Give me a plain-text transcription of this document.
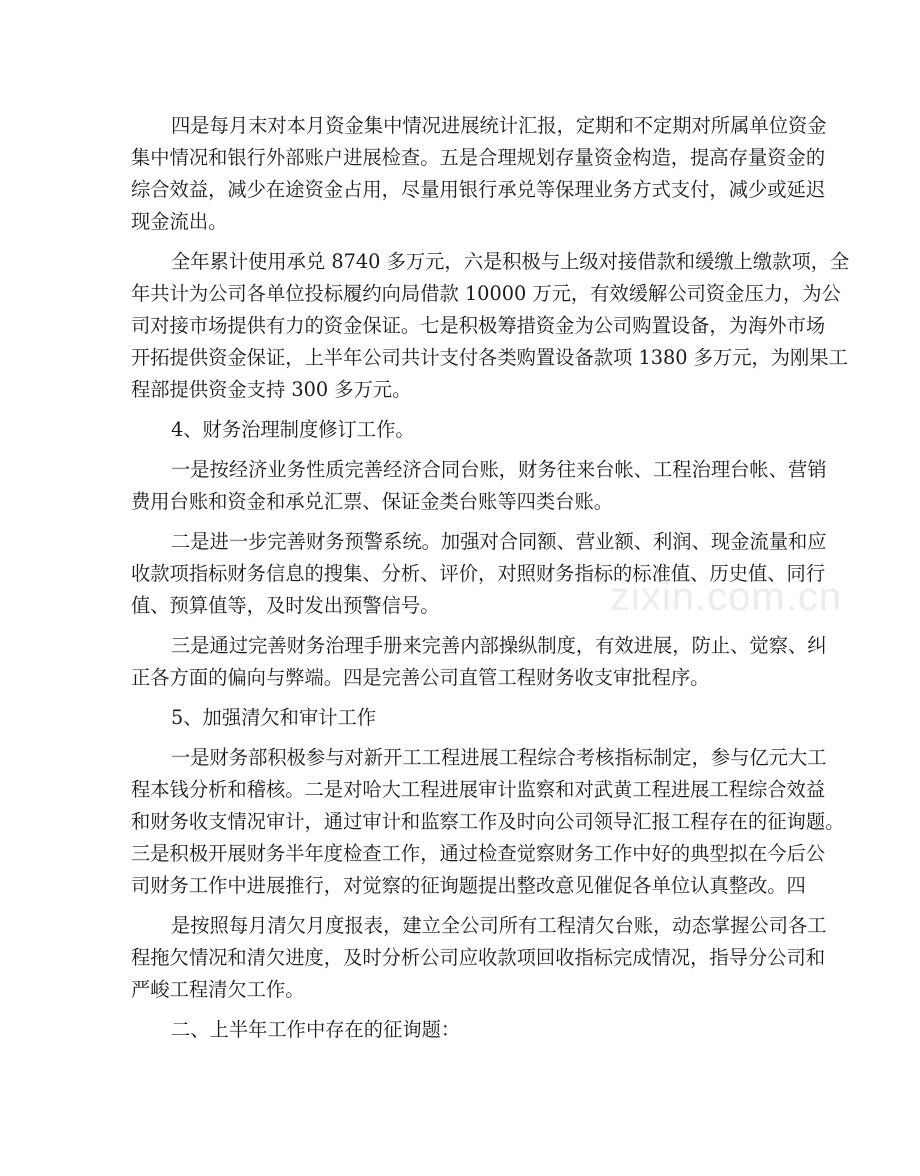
zixin.com.cn
四是每月末对本月资金集中情况进展统计汇报，定期和不定期对所属单位资金
集中情况和银行外部账户进展检查。五是合理规划存量资金构造，提高存量资金的
综合效益，减少在途资金占用，尽量用银行承兑等保理业务方式支付，减少或延迟
现金流出。
全年累计使用承兑 8740 多万元，六是积极与上级对接借款和缓缴上缴款项，全
年共计为公司各单位投标履约向局借款 10000 万元，有效缓解公司资金压力，为公
司对接市场提供有力的资金保证。七是积极筹措资金为公司购置设备，为海外市场
开拓提供资金保证，上半年公司共计支付各类购置设备款项 1380 多万元，为刚果工
程部提供资金支持 300 多万元。
4、财务治理制度修订工作。
一是按经济业务性质完善经济合同台账，财务往来台帐、工程治理台帐、营销
费用台账和资金和承兑汇票、保证金类台账等四类台账。
二是进一步完善财务预警系统。加强对合同额、营业额、利润、现金流量和应
收款项指标财务信息的搜集、分析、评价，对照财务指标的标准值、历史值、同行
值、预算值等，及时发出预警信号。
三是通过完善财务治理手册来完善内部操纵制度，有效进展，防止、觉察、纠
正各方面的偏向与弊端。四是完善公司直管工程财务收支审批程序。
5、加强清欠和审计工作
一是财务部积极参与对新开工工程进展工程综合考核指标制定，参与亿元大工
程本钱分析和稽核。二是对哈大工程进展审计监察和对武黄工程进展工程综合效益
和财务收支情况审计，通过审计和监察工作及时向公司领导汇报工程存在的征询题。
三是积极开展财务半年度检查工作，通过检查觉察财务工作中好的典型拟在今后公
司财务工作中进展推行，对觉察的征询题提出整改意见催促各单位认真整改。四
是按照每月清欠月度报表，建立全公司所有工程清欠台账，动态掌握公司各工
程拖欠情况和清欠进度，及时分析公司应收款项回收指标完成情况，指导分公司和
严峻工程清欠工作。
二、上半年工作中存在的征询题：
